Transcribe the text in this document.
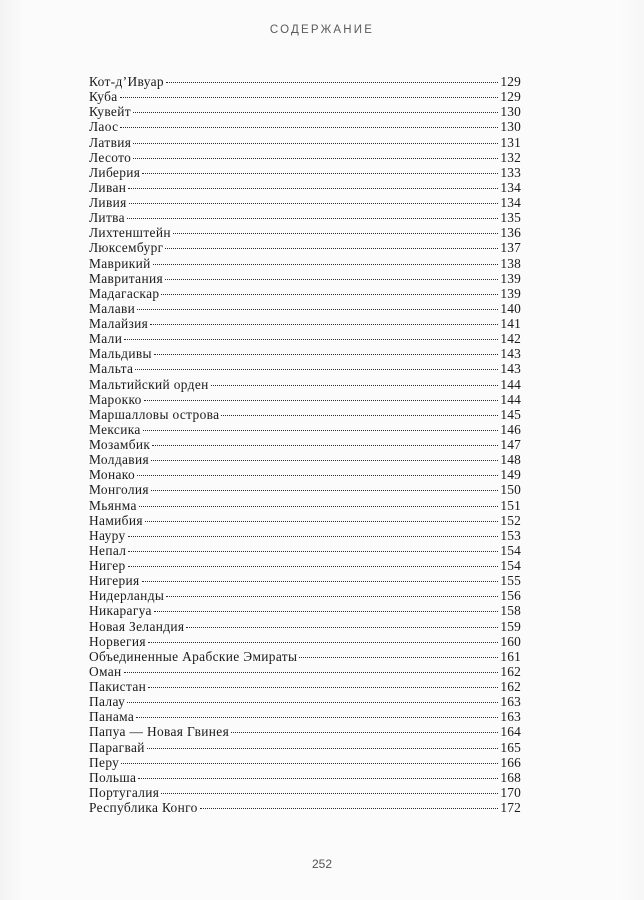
СОДЕРЖАНИЕ
Кот-д’Ивуар	129
Куба	129
Кувейт	130
Лаос	130
Латвия	131
Лесото	132
Либерия	133
Ливан	134
Ливия	134
Литва	135
Лихтенштейн	136
Люксембург	137
Маврикий	138
Мавритания	139
Мадагаскар	139
Малави	140
Малайзия	141
Мали	142
Мальдивы	143
Мальта	143
Мальтийский орден	144
Марокко	144
Маршалловы острова	145
Мексика	146
Мозамбик	147
Молдавия	148
Монако	149
Монголия	150
Мьянма	151
Намибия	152
Науру	153
Непал	154
Нигер	154
Нигерия	155
Нидерланды	156
Никарагуа	158
Новая Зеландия	159
Норвегия	160
Объединенные Арабские Эмираты	161
Оман	162
Пакистан	162
Палау	163
Панама	163
Папуа — Новая Гвинея	164
Парагвай	165
Перу	166
Польша	168
Португалия	170
Республика Конго	172
252
